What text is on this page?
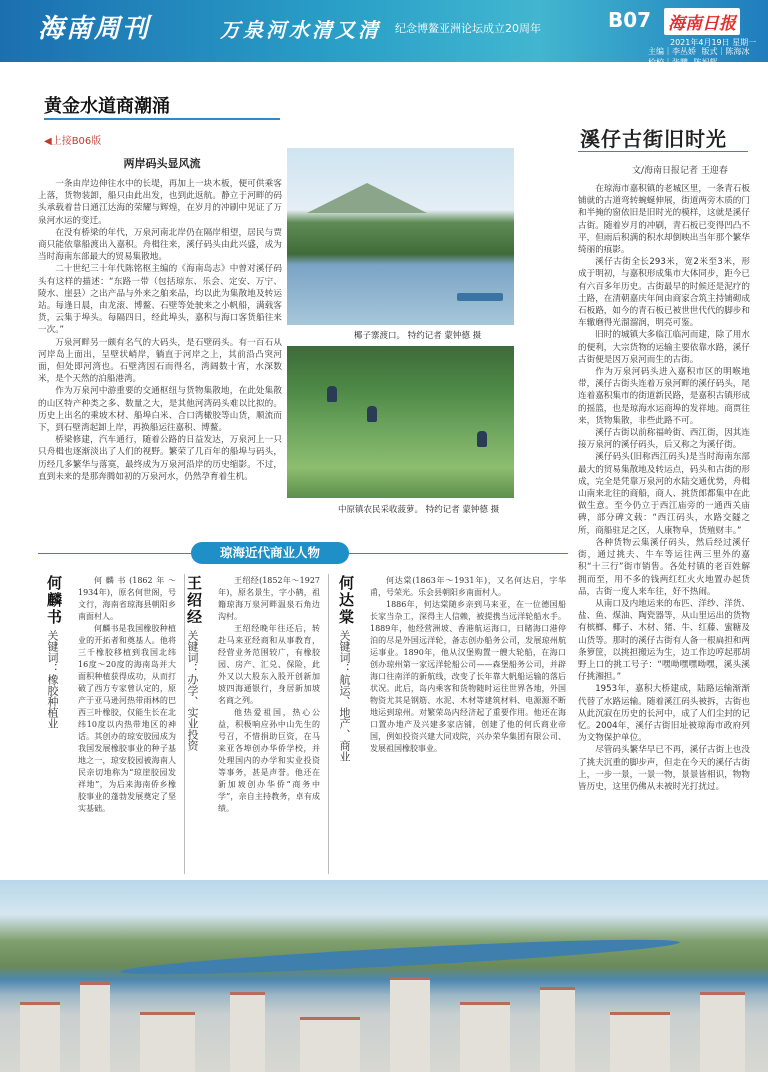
海南周刊	万泉河水清又清 纪念博鳌亚洲论坛成立20周年	B07 海南日报
2021年4月19日 星期一
主编｜李丛娇 版式｜陈海冰 检校｜张鹏 陈旭辉
黄金水道商潮涌
◀上接B06版
两岸码头显风流

一条由岸边伸往水中的长堤，再加上一块木板，便可供乘客上落，货物装卸，船只由此出发，也到此返航。静立于河畔的码头承载着昔日通江达海的荣耀与辉煌，在岁月的冲刷中见证了万泉河水运的变迁。

在没有桥梁的年代，万泉河南北岸仍在隔岸相望，居民与贾商只能依靠船渡出入嘉积。舟楫往来，溪仔码头由此兴盛，成为当时海南东部最大的贸易集散地。

二十世纪三十年代陈铭枢主编的《海南岛志》中曾对溪仔码头有这样的描述：“东路一带（包括琼东、乐会、定安、万宁、陵水、崖县）之出产品与外来之舶来品，均以此为集散地及转运站。每逢日晨，由龙滚、博鳌、石壁等处驶来之小帆船，满载客货，云集于埠头。每隔四日，经此埠头，嘉积与海口客货船往来一次。”

万泉河畔另一颇有名气的大码头，是石壁码头。有一百石从河岸岛上面出，呈壁状峭岸，躺直于河岸之上，其前沿凸突河面，但处即河湾也。石壁湾因石而得名，湾阔数十宵，水深数米，是个天然的泊船港湾。

作为万泉河中游重要的交通枢纽与货物集散地，在此处集散的山区特产种类之多、数量之大，是其他河湾码头难以比拟的。历史上出名的乘坡木材、船埠白米、合口湾橄胶等山货，顺流而下，到石壁湾起卸上岸，再换船运往嘉积、博鳌。

桥梁修建，汽车通行，随着公路的日益发达，万泉河上一只只舟楫也逐渐淡出了人们的视野。繁荣了几百年的船埠与码头，历经几多繁华与落寞，最终成为万泉河沿岸的历史缩影。不过，直到未来的是那奔腾如初的万泉河水，仍然孕育着生机。

椰子寨渡口。 特约记者 蒙钟德 摄
中原镇农民采收菠萝。 特约记者 蒙钟德 摄
溪仔古街旧时光
文/海南日报记者 王迎春

在琼海市嘉积镇的老城区里，一条青石板铺就的古道弯转蜿蜒伸展，街道两旁木质的门和半掩的窗依旧是旧时光的模样，这就是溪仔古街。随着岁月的冲刷，青石板已变得凹凸不平，但雨后积满的积水却倒映出当年那个繁华绮丽的痕影。

溪仔古街全长293米，宽2米至3米，形成于明初，与嘉积形成集市大体同步，距今已有六百多年历史。古街最早的时候还是泥疗的土路，在清朝嘉庆年间由商家合筑主持铺砌成石板路，如今的青石板已被世世代代的脚步和车辙磨得光溜溜润，明亮可鉴。

旧时的城镇大多临江临河而建，除了用水的便利，大宗货物的运输主要依靠水路，溪仔古街便是因万泉河而生的古街。

作为万泉河码头进入嘉积市区的明喉地带，溪仔古街头连着万泉河畔的溪仔码头，尾连着嘉积集市的街道新民路，是嘉积古镇形成的摇篮，也是琼海水运商埠的发祥地。商贾往来，货物集散，非些此路不可。

溪仔古街以前称福岭街、西江街，因其连接万泉河的溪仔码头，后又称之为溪仔街。

溪仔码头(旧称西江码头)是当时海南东部最大的贸易集散地及转运点，码头和古街的形成，完全是凭靠万泉河的水陆交通优势，舟楫山南来北往的商船，商人、挑货郎都集中在此做生意。至今仍立于西江庙旁的一通西关庙碑，部分碑文载：“西江码头，水路交隧之所，商船驻足之区，人康物阜，货殖财丰。”

各种货物云集溪仔码头，然后经过溪仔街，通过挑夫、牛车等运往两三里外的嘉积“十三行”街市销售。各处村镇的老百姓解拥而至，用不多的钱两红红火火地置办起货品，古街一度人来车往，好不热闹。

从南口及内地运来的布匹、洋纱、洋货、盐、鱼、煤油、陶瓷器等，从山里运出的货物有槟榔、椰子、木材、猪、牛、红藤、蜜糖及山货等。那时的溪仔古街有人备一根扁担和两条箩筐，以挑担搬运为生，边工作边哼起那胡野上口的挑工号子：“嘿呦嘿嘿呦嘿，溪头溪仔挑湘担。”

1953年，嘉积大桥建成，陆路运输渐渐代替了水路运输。随着溪江码头被拆，古街也从此沉寂在历史的长河中，成了人们尘封的记忆。2004年，溪仔古街旧址被琼海市政府列为文物保护单位。

尽管码头繁华早已不再，溪仔古街上也没了挑夫沉重的脚步声，但走在今天的溪仔古街上，一步一景，一景一物，景景皆相识，物物皆历史，这里仍佛从未被时光打扰过。

琼海近代商业人物
何麟书
关键词：橡胶种植业

何麟书(1862年～1934年)，原名何世阁，号文行，海南省琼海县朝阳乡南面村人。

何麟书是我国橡胶种植业的开拓者和奠基人。他将三千橡胶移植到我国北纬16度～20度的海南岛并大面积种植获得成功，从而打破了西方专家曾认定的，原产于亚马逊河热带雨林的巴西三叶橡胶，仅能生长在北纬10度以内热带地区的神话。其创办的琼安胶园成为我国发展橡胶事业的种子基地之一，琼安胶园被海南人民亲切地称为“琼崖胶园发祥地”，为后来海南侨乡橡胶事业的蓬勃发展奠定了坚实基础。

王绍经
关键词：办学、实业投资

王绍经(1852年～1927年)，原名景生，字小鹤，祖籍琼海万泉河畔温泉石角边沟村。

王绍经晚年往还后，转赴马来亚经商和从事教育，经营业务范围较广，有橡胶园、房产、汇兑、保险，此外又以大股东入股开创新加坡四海通银行，身居新加坡名商之列。

他热爱祖国，热心公益，积极响应孙中山先生的号召，不惜捐助巨资，在马来亚各埠创办华侨学校，并处理国内的办学和实业投资等事务，甚是声誉。他还在新加坡创办华侨“商务中学”，亲自主持教务，卓有成绩。

何达棠
关键词：航运、地产、商业

何达棠(1863年～1931年)，又名何达启，字华甫，号荣光。乐会县朝阳乡南面村人。

1886年，何达棠随乡亲到马来亚，在一位德国船长家当杂工，深得主人信赖，被提携当远洋轮船水手。1889年，他经营洲坡、香港航运海口，日睹海口港停泊的尽是外国远洋轮，备志创办船务公司，发展琼州航运事业。1890年，他从汉堡购置一艘大轮船，在海口创办琼州第一家远洋轮船公司——森堡船务公司，并辟海口往南洋的新航线，改变了长年靠大帆船运输的落后状况。此后，岛内乘客和货物随时运往世界各地，外国物资尤其是钢筋、水泥、木材等建筑材料、电源源不断地运到琼州。对繁荣岛内经济起了重要作用。他还在海口置办地产及兴建多家店铺，创建了他的何氏商业帝国，例如投资兴建大同戏院，兴办荣华集团有限公司、发展祖国橡胶事业。
